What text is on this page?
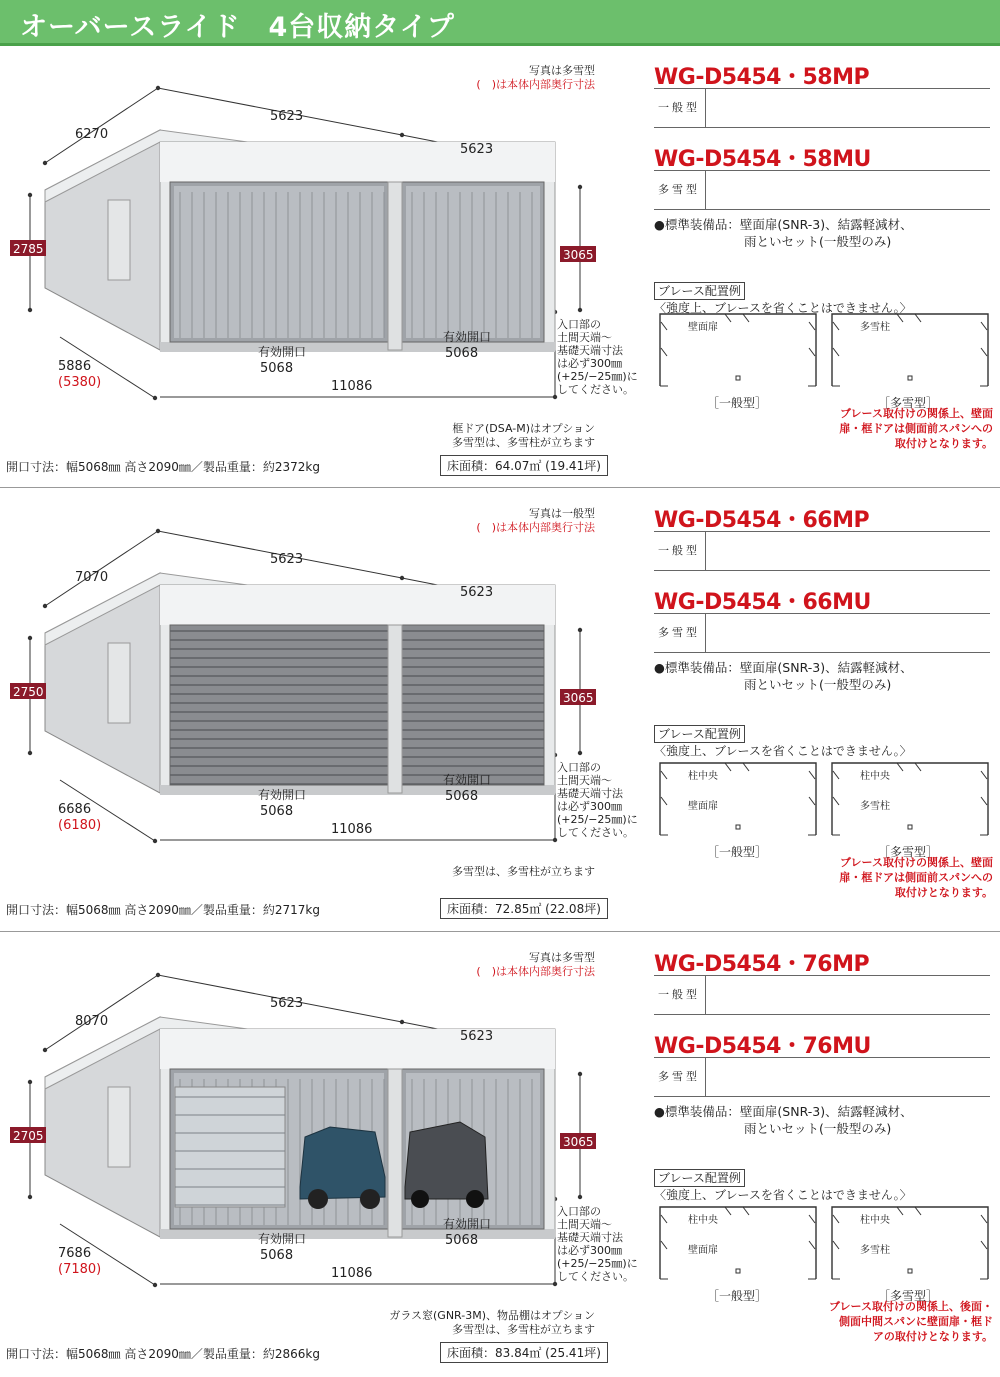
オーバースライド　4台収納タイプ
6270
5623
5623
2785	3065
有効開口
5068
有効開口
5068
11086
5886
(5380)
入口部の
土間天端～
基礎天端寸法
は必ず300㎜
(+25/−25㎜)に
してください。
写真は多雪型
(　)は本体内部奥行寸法
框ドア(DSA-M)はオプション
多雪型は、多雪柱が立ちます
開口寸法：幅5068㎜ 高さ2090㎜／製品重量：約2372kg	床面積：64.07㎡ (19.41坪)
WG-D5454・58MP
一般型
WG-D5454・58MU
多雪型
●標準装備品：壁面扉(SNR-3)、結露軽減材、
雨といセット(一般型のみ)
ブレース配置例〈強度上、ブレースを省くことはできません。〉
壁面扉	多雪柱
［一般型］	［多雪型］
ブレース取付けの関係上、壁面
扉・框ドアは側面前スパンへの
取付けとなります。
7070
5623
5623
2750	3065
有効開口
5068
有効開口
5068
11086
6686
(6180)
入口部の
土間天端～
基礎天端寸法
は必ず300㎜
(+25/−25㎜)に
してください。
写真は一般型
(　)は本体内部奥行寸法
多雪型は、多雪柱が立ちます
開口寸法：幅5068㎜ 高さ2090㎜／製品重量：約2717kg	床面積：72.85㎡ (22.08坪)
WG-D5454・66MP
一般型
WG-D5454・66MU
多雪型
●標準装備品：壁面扉(SNR-3)、結露軽減材、
雨といセット(一般型のみ)
ブレース配置例〈強度上、ブレースを省くことはできません。〉
柱中央
壁面扉
柱中央
多雪柱
［一般型］	［多雪型］
ブレース取付けの関係上、壁面
扉・框ドアは側面前スパンへの
取付けとなります。
8070
5623
5623
2705	3065
有効開口
5068
有効開口
5068
11086
7686
(7180)
入口部の
土間天端～
基礎天端寸法
は必ず300㎜
(+25/−25㎜)に
してください。
写真は多雪型
(　)は本体内部奥行寸法
ガラス窓(GNR-3M)、物品棚はオプション
多雪型は、多雪柱が立ちます
開口寸法：幅5068㎜ 高さ2090㎜／製品重量：約2866kg	床面積：83.84㎡ (25.41坪)
WG-D5454・76MP
一般型
WG-D5454・76MU
多雪型
●標準装備品：壁面扉(SNR-3)、結露軽減材、
雨といセット(一般型のみ)
ブレース配置例〈強度上、ブレースを省くことはできません。〉
柱中央
壁面扉
柱中央
多雪柱
［一般型］	［多雪型］
ブレース取付けの関係上、後面・
側面中間スパンに壁面扉・框ド
アの取付けとなります。
